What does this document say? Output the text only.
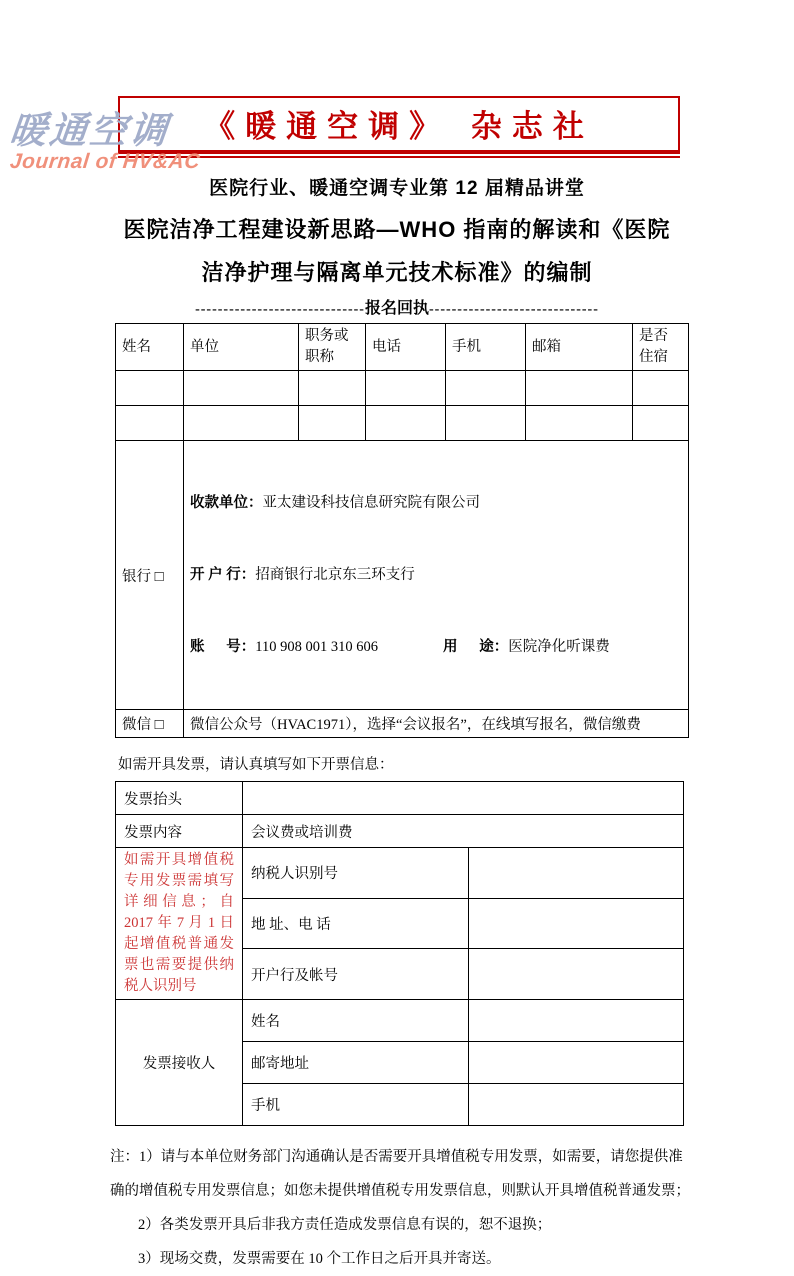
暖通空调
Journal of HV&AC
《暖通空调》 杂志社
医院行业、暖通空调专业第 12 届精品讲堂
医院洁净工程建设新思路—WHO 指南的解读和《医院
洁净护理与隔离单元技术标准》的编制
------------------------------报名回执------------------------------
姓名	单位	职务或职称	电话	手机	邮箱	是否住宿

银行 □	收款单位：亚太建设科技信息研究院有限公司

开 户 行：招商银行北京东三环支行

账      号：110 908 001 310 606 用      途：医院净化听课费					

微信 □	微信公众号（HVAC1971），选择“会议报名”，在线填写报名，微信缴费					
如需开具发票，请认真填写如下开票信息：
发票抬头		
发票内容	会议费或培训费	
如需开具增值税专用发票需填写详细信息；自 2017 年 7 月 1 日起增值税普通发票也需要提供纳税人识别号	纳税人识别号	
	地 址、电 话	
	开户行及帐号	
发票接收人	姓名	
	邮寄地址	
	手机	

注：1）请与本单位财务部门沟通确认是否需要开具增值税专用发票，如需要，请您提供准确的增值税专用发票信息；如您未提供增值税专用发票信息，则默认开具增值税普通发票；

2）各类发票开具后非我方责任造成发票信息有误的，恕不退换；

3）现场交费，发票需要在 10 个工作日之后开具并寄送。
